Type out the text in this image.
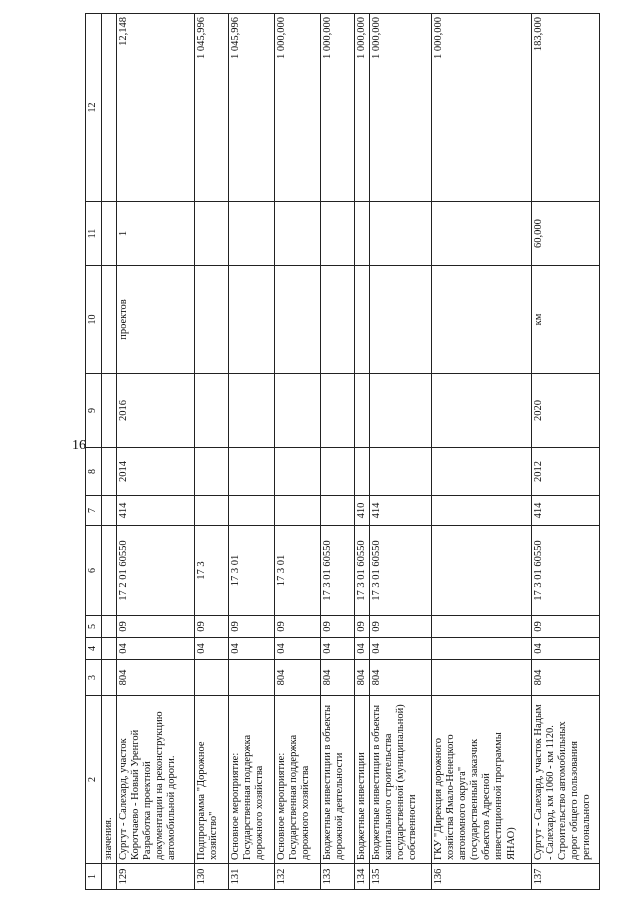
16
1	2	3	4	5	6	7	8	9	10	11	12
	значения.										
129	Сургут - Салехард, участок Коротчаево - Новый Уренгой Разработка проектной документации на реконструкцию автомобильной дороги.	804	04	09	17 2 01 60550	414	2014	2016	проектов	1	12,148
130	Подпрограмма "Дорожное хозяйство"		04	09	17 3						1 045,996
131	Основное мероприятие: Государственная поддержка дорожного хозяйства		04	09	17 3 01						1 045,996
132	Основное мероприятие: Государственная поддержка дорожного хозяйства	804	04	09	17 3 01						1 000,000
133	Бюджетные инвестиции в объекты дорожной деятельности	804	04	09	17 3 01 60550						1 000,000
134	Бюджетные инвестиции	804	04	09	17 3 01 60550	410					1 000,000
135	Бюджетные инвестиции в объекты капитального строительства государственной (муниципальной) собственности	804	04	09	17 3 01 60550	414					1 000,000
136	ГКУ "Дирекция дорожного хозяйства Ямало-Ненецкого автономного округа" (государственный заказчик объектов Адресной инвестиционной программы ЯНАО)										1 000,000
137	Сургут - Салехард, участок Надым - Салехард, км 1060 - км 1120. Строительство автомобильных дорог общего пользования регионального	804	04	09	17 3 01 60550	414	2012	2020	км	60,000	183,000
